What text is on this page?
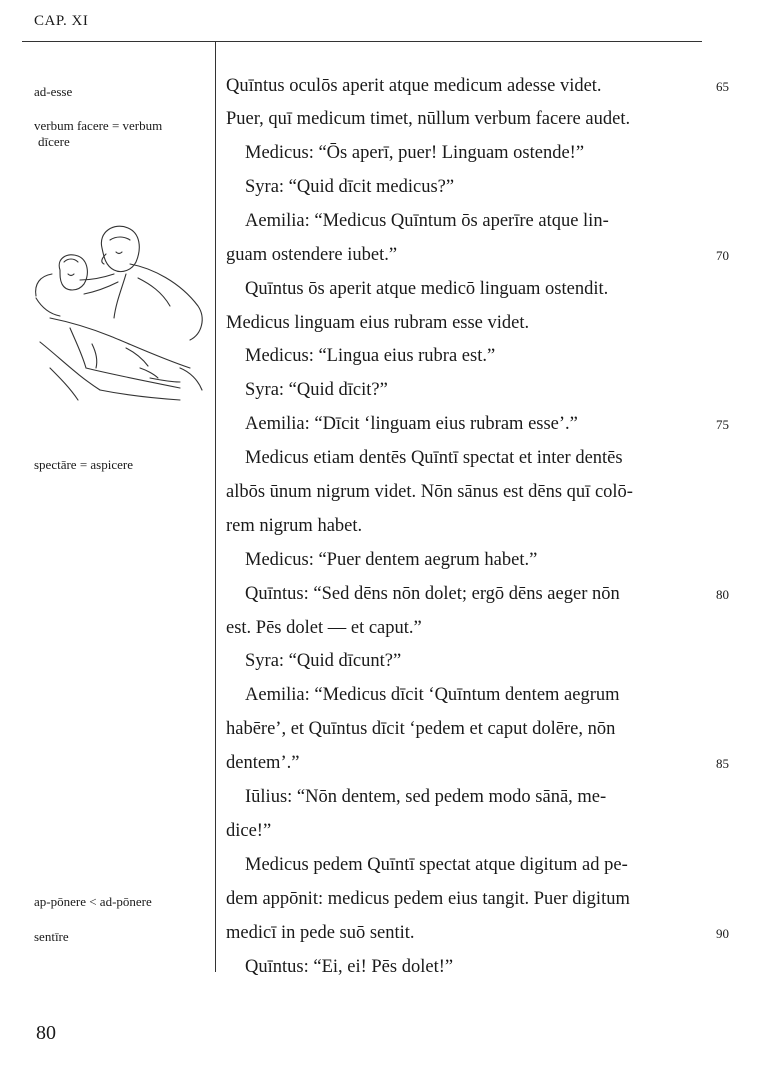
CAP. XI
ad-esse
verbum facere = verbum
dīcere
spectāre = aspicere
ap-pōnere < ad-pōnere
sentīre
Quīntus oculōs aperit atque medicum adesse videt.
Puer, quī medicum timet, nūllum verbum facere audet.
Medicus: “Ōs aperī, puer! Linguam ostende!”
Syra: “Quid dīcit medicus?”
Aemilia: “Medicus Quīntum ōs aperīre atque lin-
guam ostendere iubet.”
Quīntus ōs aperit atque medicō linguam ostendit.
Medicus linguam eius rubram esse videt.
Medicus: “Lingua eius rubra est.”
Syra: “Quid dīcit?”
Aemilia: “Dīcit ‘linguam eius rubram esse’.”
Medicus etiam dentēs Quīntī spectat et inter dentēs
albōs ūnum nigrum videt. Nōn sānus est dēns quī colō-
rem nigrum habet.
Medicus: “Puer dentem aegrum habet.”
Quīntus: “Sed dēns nōn dolet; ergō dēns aeger nōn
est. Pēs dolet — et caput.”
Syra: “Quid dīcunt?”
Aemilia: “Medicus dīcit ‘Quīntum dentem aegrum
habēre’, et Quīntus dīcit ‘pedem et caput dolēre, nōn
dentem’.”
Iūlius: “Nōn dentem, sed pedem modo sānā, me-
dice!”
Medicus pedem Quīntī spectat atque digitum ad pe-
dem appōnit: medicus pedem eius tangit. Puer digitum
medicī in pede suō sentit.
Quīntus: “Ei, ei! Pēs dolet!”
65
70
75
80
85
90
80
